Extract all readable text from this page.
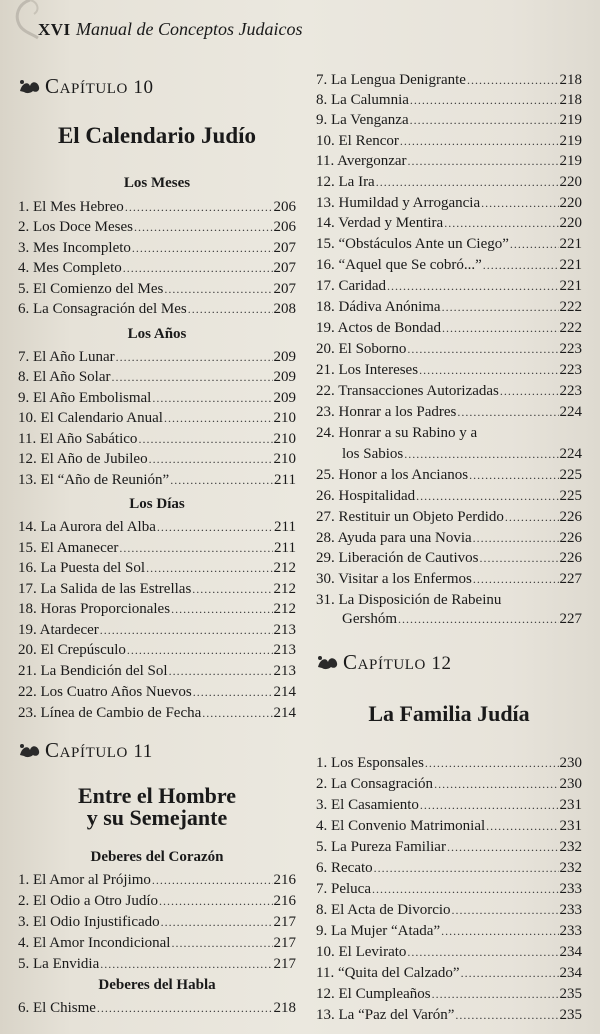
XVI Manual de Conceptos Judaicos
CAPÍTULO 10
El Calendario Judío
Los Meses
1. El Mes Hebreo .....	206
2. Los Doce Meses .....	206
3. Mes Incompleto .....	207
4. Mes Completo .....	207
5. El Comienzo del Mes .....	207
6. La Consagración del Mes .....	208
Los Años
7. El Año Lunar .....	209
8. El Año Solar .....	209
9. El Año Embolismal .....	209
10. El Calendario Anual .....	210
11. El Año Sabático .....	210
12. El Año de Jubileo .....	210
13. El “Año de Reunión” .....	211
Los Días
14. La Aurora del Alba .....	211
15. El Amanecer .....	211
16. La Puesta del Sol .....	212
17. La Salida de las Estrellas .....	212
18. Horas Proporcionales .....	212
19. Atardecer .....	213
20. El Crepúsculo .....	213
21. La Bendición del Sol .....	213
22. Los Cuatro Años Nuevos .....	214
23. Línea de Cambio de Fecha .....	214
CAPÍTULO 11
Entre el Hombre
y su Semejante
Deberes del Corazón
1. El Amor al Prójimo .....	216
2. El Odio a Otro Judío .....	216
3. El Odio Injustificado .....	217
4. El Amor Incondicional .....	217
5. La Envidia .....	217
Deberes del Habla
6. El Chisme .....	218
7. La Lengua Denigrante .....	218
8. La Calumnia .....	218
9. La Venganza .....	219
10. El Rencor .....	219
11. Avergonzar .....	219
12. La Ira .....	220
13. Humildad y Arrogancia .....	220
14. Verdad y Mentira .....	220
15. “Obstáculos Ante un Ciego” .....	221
16. “Aquel que Se cobró...” .....	221
17. Caridad .....	221
18. Dádiva Anónima .....	222
19. Actos de Bondad .....	222
20. El Soborno .....	223
21. Los Intereses .....	223
22. Transacciones Autorizadas .....	223
23. Honrar a los Padres .....	224
24. Honrar a su Rabino y a
los Sabios .....	224
25. Honor a los Ancianos .....	225
26. Hospitalidad .....	225
27. Restituir un Objeto Perdido .....	226
28. Ayuda para una Novia .....	226
29. Liberación de Cautivos .....	226
30. Visitar a los Enfermos .....	227
31. La Disposición de Rabeinu
Gershóm .....	227
CAPÍTULO 12
La Familia Judía
1. Los Esponsales .....	230
2. La Consagración .....	230
3. El Casamiento .....	231
4. El Convenio Matrimonial .....	231
5. La Pureza Familiar .....	232
6. Recato .....	232
7. Peluca .....	233
8. El Acta de Divorcio .....	233
9. La Mujer “Atada” .....	233
10. El Levirato .....	234
11. “Quita del Calzado” .....	234
12. El Cumpleaños .....	235
13. La “Paz del Varón” .....	235
